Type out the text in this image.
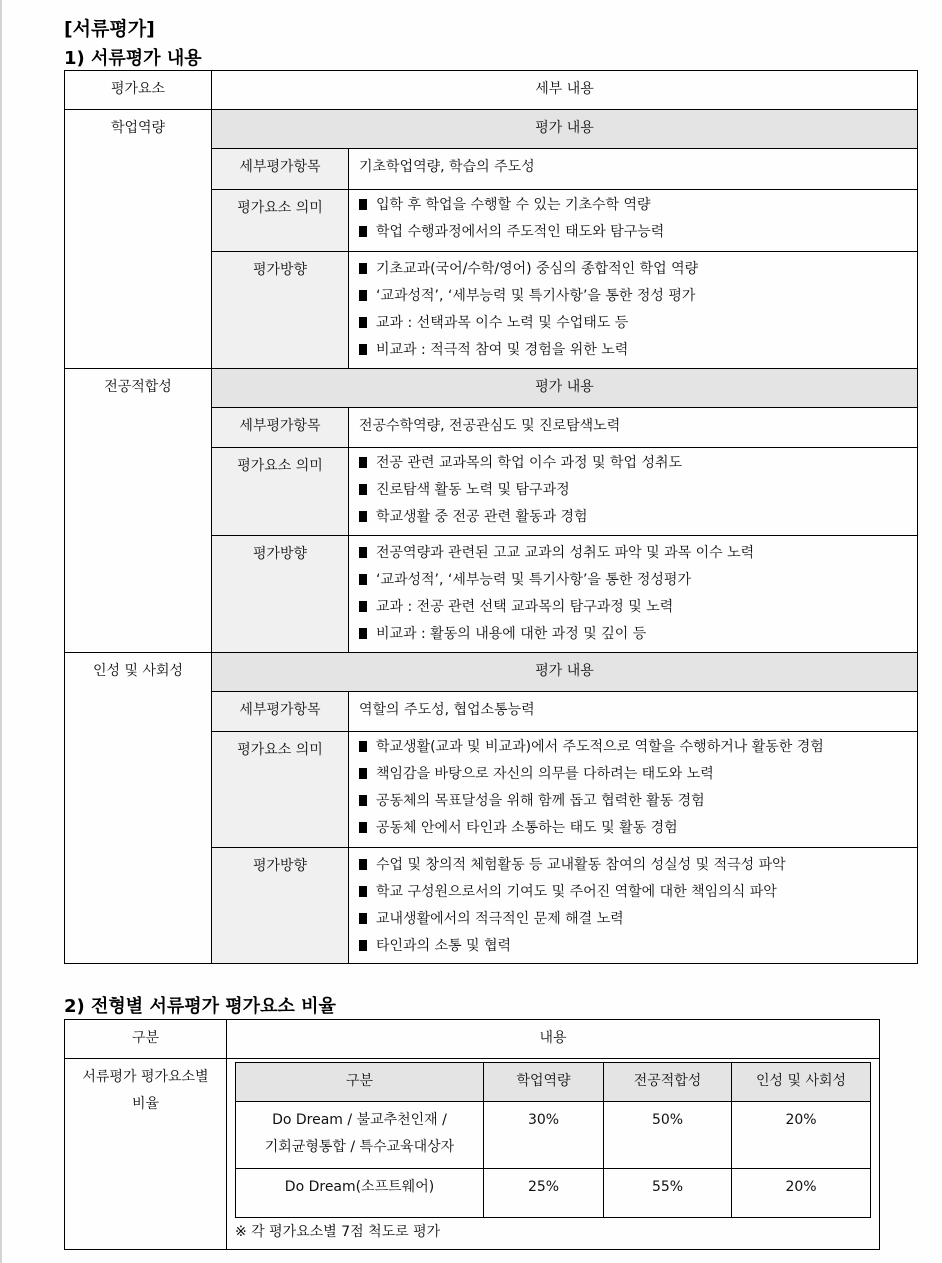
[서류평가]
1) 서류평가 내용
평가요소	세부 내용
학업역량	평가 내용
세부평가항목	기초학업역량, 학습의 주도성
평가요소 의미	입학 후 학업을 수행할 수 있는 기초수학 역량
학업 수행과정에서의 주도적인 태도와 탐구능력
평가방향	기초교과(국어/수학/영어) 중심의 종합적인 학업 역량
‘교과성적’, ‘세부능력 및 특기사항’을 통한 정성 평가
교과 : 선택과목 이수 노력 및 수업태도 등
비교과 : 적극적 참여 및 경험을 위한 노력
전공적합성	평가 내용
세부평가항목	전공수학역량, 전공관심도 및 진로탐색노력
평가요소 의미	전공 관련 교과목의 학업 이수 과정 및 학업 성취도
진로탐색 활동 노력 및 탐구과정
학교생활 중 전공 관련 활동과 경험
평가방향	전공역량과 관련된 고교 교과의 성취도 파악 및 과목 이수 노력
‘교과성적’, ‘세부능력 및 특기사항’을 통한 정성평가
교과 : 전공 관련 선택 교과목의 탐구과정 및 노력
비교과 : 활동의 내용에 대한 과정 및 깊이 등
인성 및 사회성	평가 내용
세부평가항목	역할의 주도성, 협업소통능력
평가요소 의미	학교생활(교과 및 비교과)에서 주도적으로 역할을 수행하거나 활동한 경험
책임감을 바탕으로 자신의 의무를 다하려는 태도와 노력
공동체의 목표달성을 위해 함께 돕고 협력한 활동 경험
공동체 안에서 타인과 소통하는 태도 및 활동 경험
평가방향	수업 및 창의적 체험활동 등 교내활동 참여의 성실성 및 적극성 파악
학교 구성원으로서의 기여도 및 주어진 역할에 대한 책임의식 파악
교내생활에서의 적극적인 문제 해결 노력
타인과의 소통 및 협력
2) 전형별 서류평가 평가요소 비율
구분	내용
서류평가 평가요소별
비율
구분	학업역량	전공적합성	인성 및 사회성
Do Dream / 불교추천인재 /
기회균형통합 / 특수교육대상자
30%	50%	20%
Do Dream(소프트웨어)	25%	55%	20%
※ 각 평가요소별 7점 척도로 평가
